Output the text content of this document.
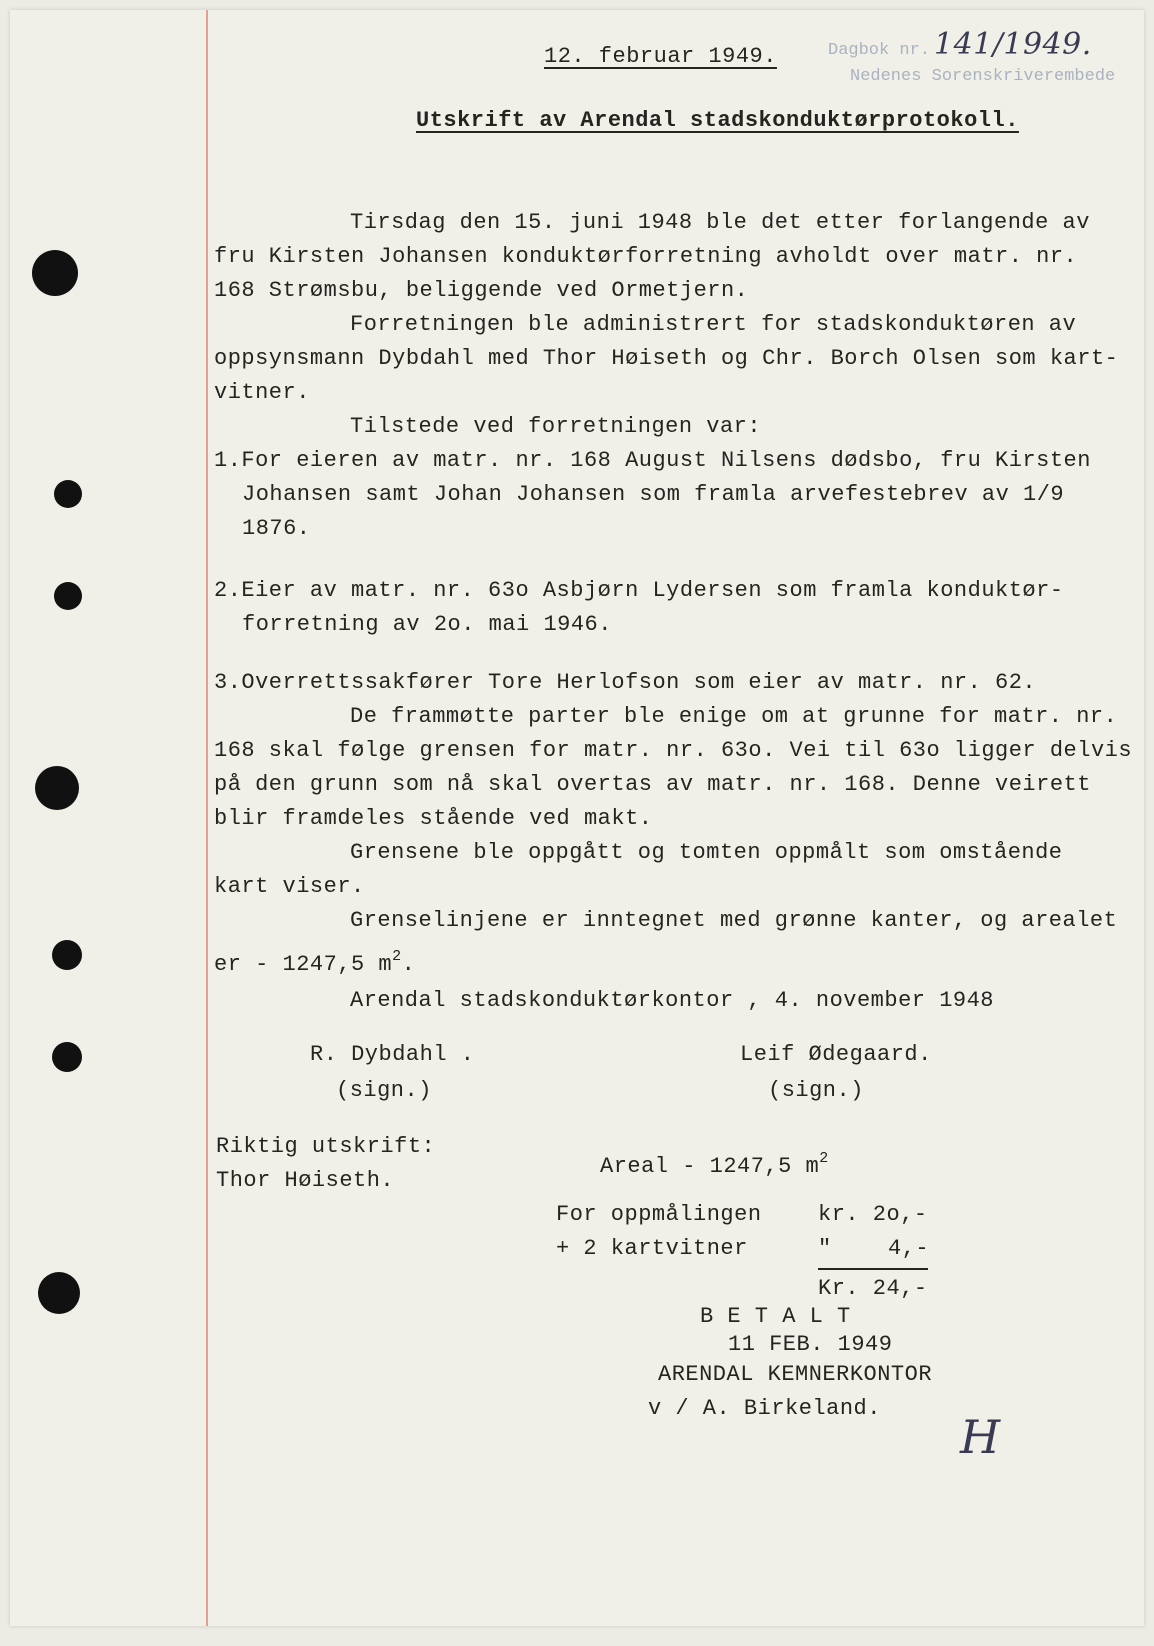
12. februar 1949.	Dagbok nr. 141/1949.
Nedenes Sorenskriverembede
Utskrift av Arendal stadskonduktørprotokoll.
Tirsdag den 15. juni 1948 ble det etter forlangende av
fru Kirsten Johansen konduktørforretning avholdt over matr. nr.
168 Strømsbu, beliggende ved Ormetjern.
Forretningen ble administrert for stadskonduktøren av
oppsynsmann Dybdahl med Thor Høiseth og Chr. Borch Olsen som kart-
vitner.
Tilstede ved forretningen var:
1.For eieren av matr. nr. 168 August Nilsens dødsbo, fru Kirsten
Johansen samt Johan Johansen som framla arvefestebrev av 1/9
1876.
2.Eier av matr. nr. 63o Asbjørn Lydersen som framla konduktør-
forretning av 2o. mai 1946.
3.Overrettssakfører Tore Herlofson som eier av matr. nr. 62.
De frammøtte parter ble enige om at grunne for matr. nr.
168 skal følge grensen for matr. nr. 63o. Vei til 63o ligger delvis
på den grunn som nå skal overtas av matr. nr. 168. Denne veirett
blir framdeles stående ved makt.
Grensene ble oppgått og tomten oppmålt som omstående
kart viser.
Grenselinjene er inntegnet med grønne kanter, og arealet
er - 1247,5 $m^2$.
Arendal stadskonduktørkontor , 4. november 1948
R. Dybdahl .
(sign.)
Leif Ødegaard.
(sign.)
Riktig utskrift:
Thor Høiseth.
Areal - 1247,5 $m^2$
For oppmålingen	kr. 2o,-
+ 2 kartvitner	"	4,-
Kr. 24,-
B E T A L T
11 FEB. 1949
ARENDAL KEMNERKONTOR
v / A. Birkeland.
H
